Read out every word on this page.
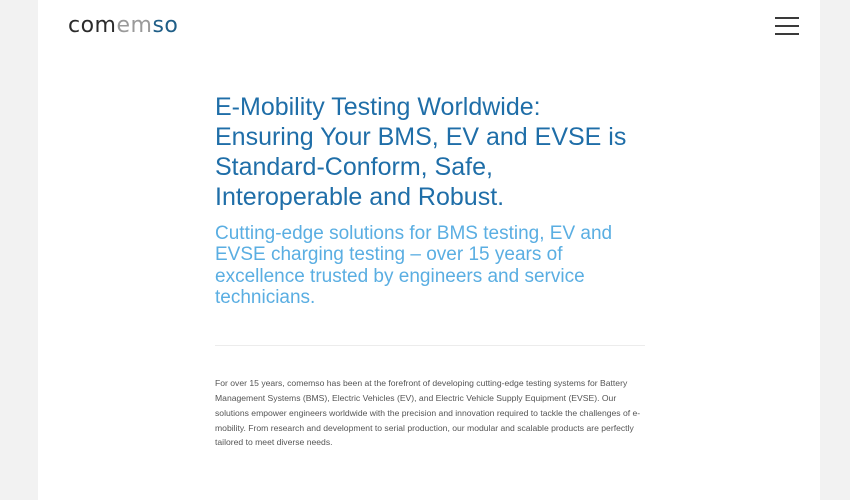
comemso
E-Mobility Testing Worldwide: Ensuring Your BMS, EV and EVSE is Standard-Conform, Safe, Interoperable and Robust.
Cutting-edge solutions for BMS testing, EV and EVSE charging testing – over 15 years of excellence trusted by engineers and service technicians.

For over 15 years, comemso has been at the forefront of developing cutting-edge testing systems for Battery Management Systems (BMS), Electric Vehicles (EV), and Electric Vehicle Supply Equipment (EVSE). Our solutions empower engineers worldwide with the precision and innovation required to tackle the challenges of e-mobility. From research and development to serial production, our modular and scalable products are perfectly tailored to meet diverse needs.
